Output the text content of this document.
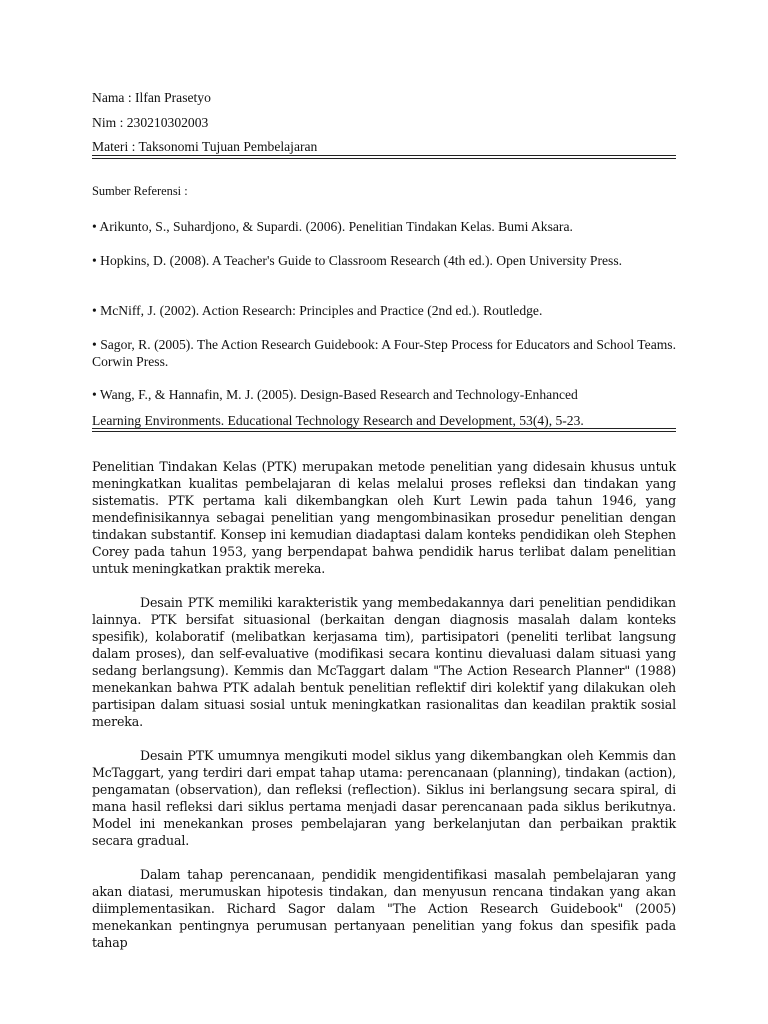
Nama : Ilfan Prasetyo
Nim : 230210302003
Materi : Taksonomi Tujuan Pembelajaran
Sumber Referensi :
• Arikunto, S., Suhardjono, & Supardi. (2006). Penelitian Tindakan Kelas. Bumi Aksara.
• Hopkins, D. (2008). A Teacher's Guide to Classroom Research (4th ed.). Open University Press.
• McNiff, J. (2002). Action Research: Principles and Practice (2nd ed.). Routledge.
• Sagor, R. (2005). The Action Research Guidebook: A Four-Step Process for Educators and School Teams. Corwin Press.
• Wang, F., & Hannafin, M. J. (2005). Design-Based Research and Technology-Enhanced
Learning Environments. Educational Technology Research and Development, 53(4), 5-23.

Penelitian Tindakan Kelas (PTK) merupakan metode penelitian yang didesain khusus untuk meningkatkan kualitas pembelajaran di kelas melalui proses refleksi dan tindakan yang sistematis. PTK pertama kali dikembangkan oleh Kurt Lewin pada tahun 1946, yang mendefinisikannya sebagai penelitian yang mengombinasikan prosedur penelitian dengan tindakan substantif. Konsep ini kemudian diadaptasi dalam konteks pendidikan oleh Stephen Corey pada tahun 1953, yang berpendapat bahwa pendidik harus terlibat dalam penelitian untuk meningkatkan praktik mereka.

Desain PTK memiliki karakteristik yang membedakannya dari penelitian pendidikan lainnya. PTK bersifat situasional (berkaitan dengan diagnosis masalah dalam konteks spesifik), kolaboratif (melibatkan kerjasama tim), partisipatori (peneliti terlibat langsung dalam proses), dan self-evaluative (modifikasi secara kontinu dievaluasi dalam situasi yang sedang berlangsung). Kemmis dan McTaggart dalam "The Action Research Planner" (1988) menekankan bahwa PTK adalah bentuk penelitian reflektif diri kolektif yang dilakukan oleh partisipan dalam situasi sosial untuk meningkatkan rasionalitas dan keadilan praktik sosial mereka.

Desain PTK umumnya mengikuti model siklus yang dikembangkan oleh Kemmis dan McTaggart, yang terdiri dari empat tahap utama: perencanaan (planning), tindakan (action), pengamatan (observation), dan refleksi (reflection). Siklus ini berlangsung secara spiral, di mana hasil refleksi dari siklus pertama menjadi dasar perencanaan pada siklus berikutnya. Model ini menekankan proses pembelajaran yang berkelanjutan dan perbaikan praktik secara gradual.

Dalam tahap perencanaan, pendidik mengidentifikasi masalah pembelajaran yang akan diatasi, merumuskan hipotesis tindakan, dan menyusun rencana tindakan yang akan diimplementasikan. Richard Sagor dalam "The Action Research Guidebook" (2005) menekankan pentingnya perumusan pertanyaan penelitian yang fokus dan spesifik pada tahap
